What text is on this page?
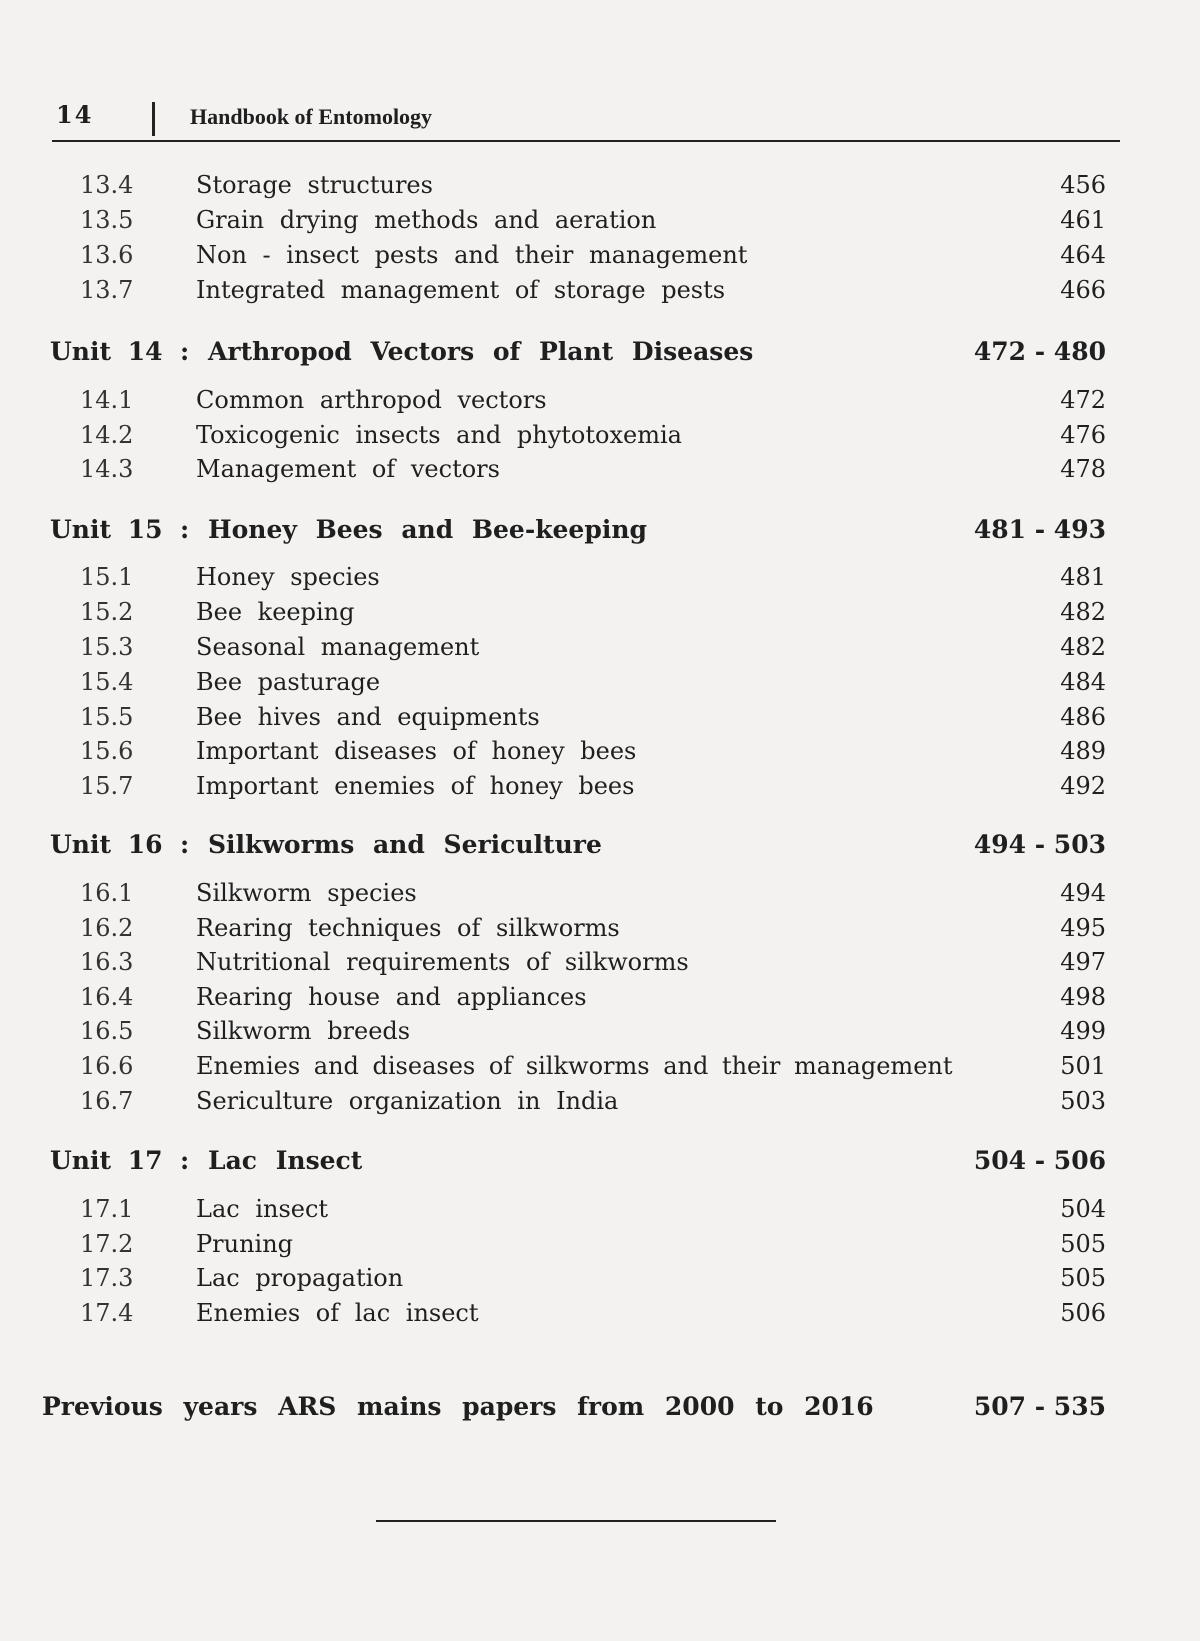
14	Handbook of Entomology
13.4	Storage structures	456
13.5	Grain drying methods and aeration	461
13.6	Non - insect pests and their management	464
13.7	Integrated management of storage pests	466
Unit 14 : Arthropod Vectors of Plant Diseases	472 - 480
14.1	Common arthropod vectors	472
14.2	Toxicogenic insects and phytotoxemia	476
14.3	Management of vectors	478
Unit 15 : Honey Bees and Bee-keeping	481 - 493
15.1	Honey species	481
15.2	Bee keeping	482
15.3	Seasonal management	482
15.4	Bee pasturage	484
15.5	Bee hives and equipments	486
15.6	Important diseases of honey bees	489
15.7	Important enemies of honey bees	492
Unit 16 : Silkworms and Sericulture	494 - 503
16.1	Silkworm species	494
16.2	Rearing techniques of silkworms	495
16.3	Nutritional requirements of silkworms	497
16.4	Rearing house and appliances	498
16.5	Silkworm breeds	499
16.6	Enemies and diseases of silkworms and their management	501
16.7	Sericulture organization in India	503
Unit 17 : Lac Insect	504 - 506
17.1	Lac insect	504
17.2	Pruning	505
17.3	Lac propagation	505
17.4	Enemies of lac insect	506
Previous years ARS mains papers from 2000 to 2016	507 - 535
